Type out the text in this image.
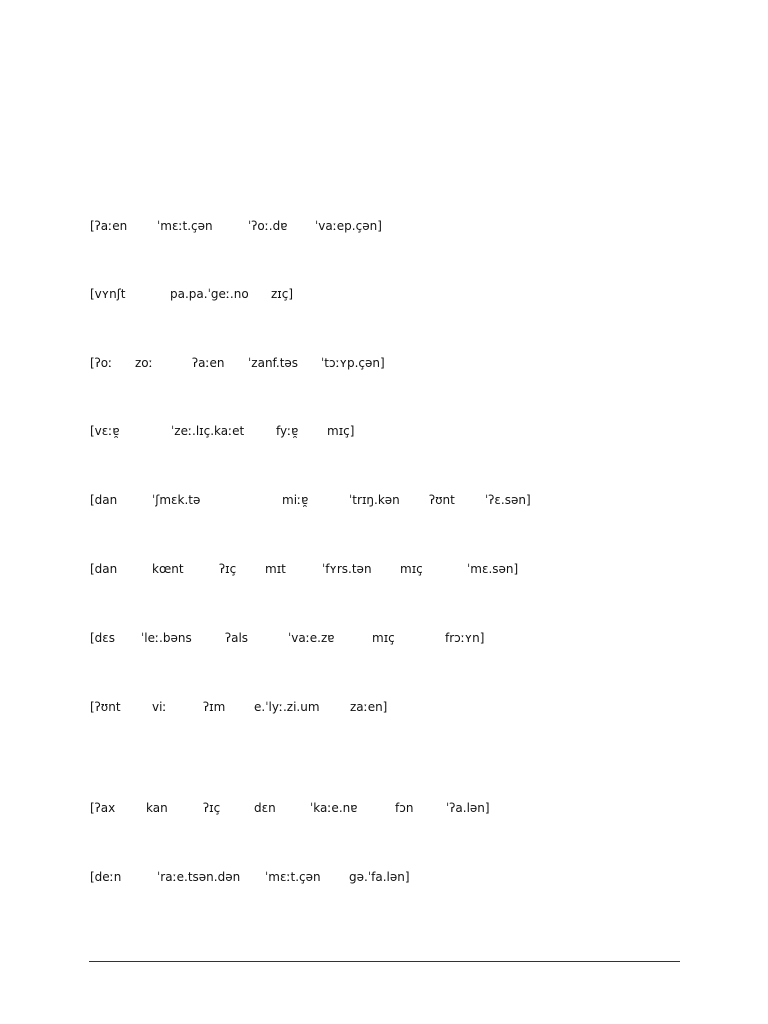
[ʔaːen ˈmɛːt.çən	ˈʔoː.dɐ ˈvaːep.çən]
[vʏnʃt	pa.pa.ˈgeː.no zɪç]
[ʔoː zoː	ʔaːen ˈzanf.təs ˈtɔːʏp.çən]
[vɛːɐ̯	ˈzeː.lɪç.kaːet	fyːɐ̯ mɪç]
[dan	ˈʃmɛk.tə	miːɐ̯	ˈtrɪŋ.kən ʔʊnt	ˈʔɛ.sən]
[dan	kœnt	ʔɪç mɪt	ˈfʏrs.tən mɪç	ˈmɛ.sən]
[dɛs ˈleː.bəns	ʔals	ˈvaːe.zɐ	mɪç	frɔːʏn]
[ʔʊnt	viː	ʔɪm e.ˈlyː.zi.um	zaːen]
[ʔax	kan	ʔɪç	dɛn	ˈkaːe.nɐ	fɔn	ˈʔa.lən]
[deːn	ˈraːe.tsən.dən ˈmɛːt.çən gə.ˈfa.lən]
